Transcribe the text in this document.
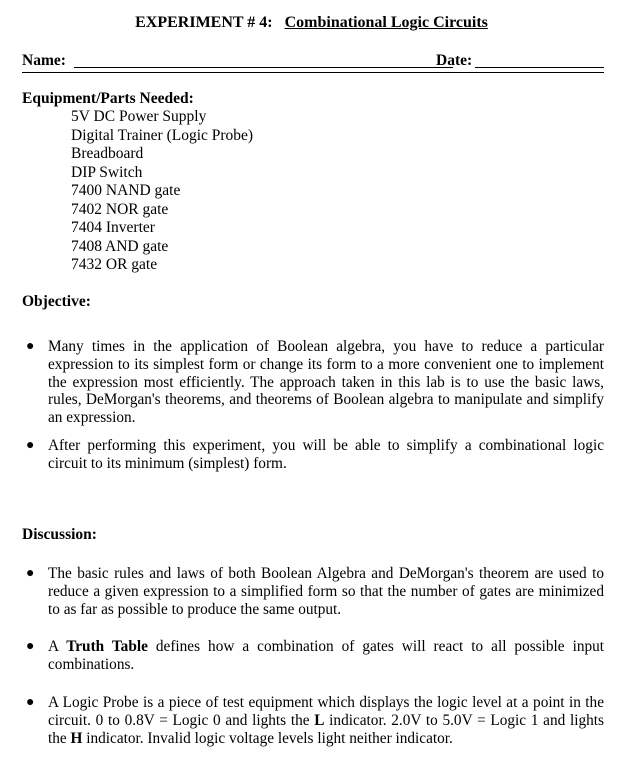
EXPERIMENT # 4: Combinational Logic Circuits
Name:	Date:
Equipment/Parts Needed:
5V DC Power Supply
Digital Trainer (Logic Probe)
Breadboard
DIP Switch
7400 NAND gate
7402 NOR gate
7404 Inverter
7408 AND gate
7432 OR gate
Objective:
● Many times in the application of Boolean algebra, you have to reduce a particular expression to its simplest form or change its form to a more convenient one to implement the expression most efficiently. The approach taken in this lab is to use the basic laws, rules, DeMorgan's theorems, and theorems of Boolean algebra to manipulate and simplify an expression.
● After performing this experiment, you will be able to simplify a combinational logic circuit to its minimum (simplest) form.
Discussion:
● The basic rules and laws of both Boolean Algebra and DeMorgan's theorem are used to reduce a given expression to a simplified form so that the number of gates are minimized to as far as possible to produce the same output.
● A Truth Table defines how a combination of gates will react to all possible input combinations.
● A Logic Probe is a piece of test equipment which displays the logic level at a point in the circuit. 0 to 0.8V = Logic 0 and lights the L indicator. 2.0V to 5.0V = Logic 1 and lights the H indicator. Invalid logic voltage levels light neither indicator.
